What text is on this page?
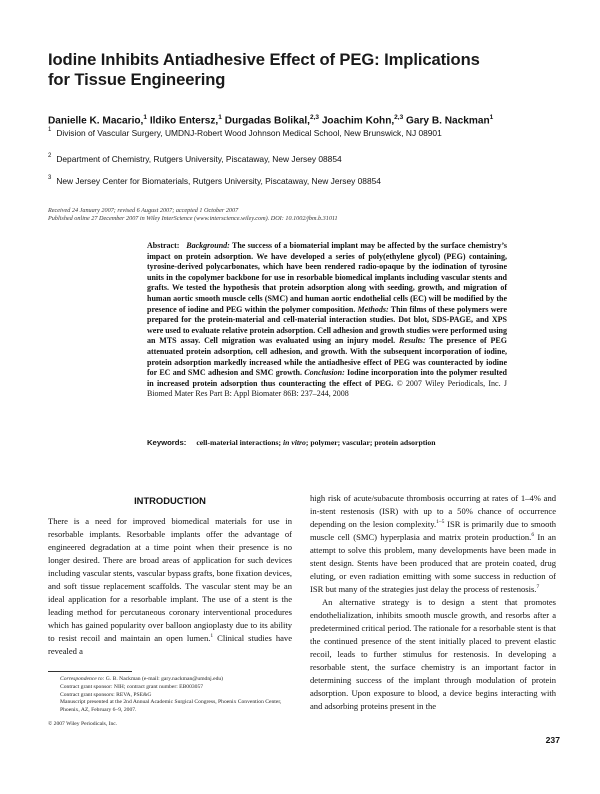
Iodine Inhibits Antiadhesive Effect of PEG: Implications
for Tissue Engineering
Danielle K. Macario,$^1$ Ildiko Entersz,$^1$ Durgadas Bolikal,$^{2,3}$ Joachim Kohn,$^{2,3}$ Gary B. Nackman$^1$
$^1$ Division of Vascular Surgery, UMDNJ-Robert Wood Johnson Medical School, New Brunswick, NJ 08901
$^2$ Department of Chemistry, Rutgers University, Piscataway, New Jersey 08854
$^3$ New Jersey Center for Biomaterials, Rutgers University, Piscataway, New Jersey 08854
Received 24 January 2007; revised 6 August 2007; accepted 1 October 2007
Published online 27 December 2007 in Wiley InterScience (www.interscience.wiley.com). DOI: 10.1002/jbm.b.31011
Abstract: Background: The success of a biomaterial implant may be affected by the surface chemistry’s impact on protein adsorption. We have developed a series of poly(ethylene glycol) (PEG) containing, tyrosine-derived polycarbonates, which have been rendered radio-opaque by the iodination of tyrosine units in the copolymer backbone for use in resorbable biomedical implants including vascular stents and grafts. We tested the hypothesis that protein adsorption along with seeding, growth, and migration of human aortic smooth muscle cells (SMC) and human aortic endothelial cells (EC) will be modified by the presence of iodine and PEG within the polymer composition. Methods: Thin films of these polymers were prepared for the protein-material and cell-material interaction studies. Dot blot, SDS-PAGE, and XPS were used to evaluate relative protein adsorption. Cell adhesion and growth studies were performed using an MTS assay. Cell migration was evaluated using an injury model. Results: The presence of PEG attenuated protein adsorption, cell adhesion, and growth. With the subsequent incorporation of iodine, protein adsorption markedly increased while the antiadhesive effect of PEG was counteracted by iodine for EC and SMC adhesion and SMC growth. Conclusion: Iodine incorporation into the polymer resulted in increased protein adsorption thus counteracting the effect of PEG. © 2007 Wiley Periodicals, Inc. J Biomed Mater Res Part B: Appl Biomater 86B: 237–244, 2008
Keywords: cell-material interactions; in vitro; polymer; vascular; protein adsorption
INTRODUCTION

There is a need for improved biomedical materials for use in resorbable implants. Resorbable implants offer the advantage of engineered degradation at a time point when their presence is no longer desired. There are broad areas of application for such devices including vascular stents, vascular bypass grafts, bone fixation devices, and soft tissue replacement scaffolds. The vascular stent may be an ideal application for a resorbable implant. The use of a stent is the leading method for percutaneous coronary interventional procedures which has gained popularity over balloon angioplasty due to its ability to resist recoil and maintain an open lumen.$^1$ Clinical studies have revealed a

high risk of acute/subacute thrombosis occurring at rates of 1–4% and in-stent restenosis (ISR) with up to a 50% chance of occurrence depending on the lesion complexity.$^{1-5}$ ISR is primarily due to smooth muscle cell (SMC) hyperplasia and matrix protein production.$^6$ In an attempt to solve this problem, many developments have been made in stent design. Stents have been produced that are protein coated, drug eluting, or even radiation emitting with some success in reduction of ISR but many of the strategies just delay the process of restenosis.$^7$

An alternative strategy is to design a stent that promotes endothelialization, inhibits smooth muscle growth, and resorbs after a predetermined critical period. The rationale for a resorbable stent is that the continued presence of the stent initially placed to prevent elastic recoil, leads to further stimulus for restenosis. In developing a resorbable stent, the surface chemistry is an important factor in determining success of the implant through modulation of protein adsorption. Upon exposure to blood, a device begins interacting with and adsorbing proteins present in the

Correspondence to: G. B. Nackman (e-mail: gary.nackman@umdnj.edu)
Contract grant sponsor: NIH; contract grant number: EB003057
Contract grant sponsors: REVA, PSE&G
Manuscript presented at the 2nd Annual Academic Surgical Congress, Phoenix Convention Center, Phoenix, AZ, February 6–9, 2007.
© 2007 Wiley Periodicals, Inc.
237
